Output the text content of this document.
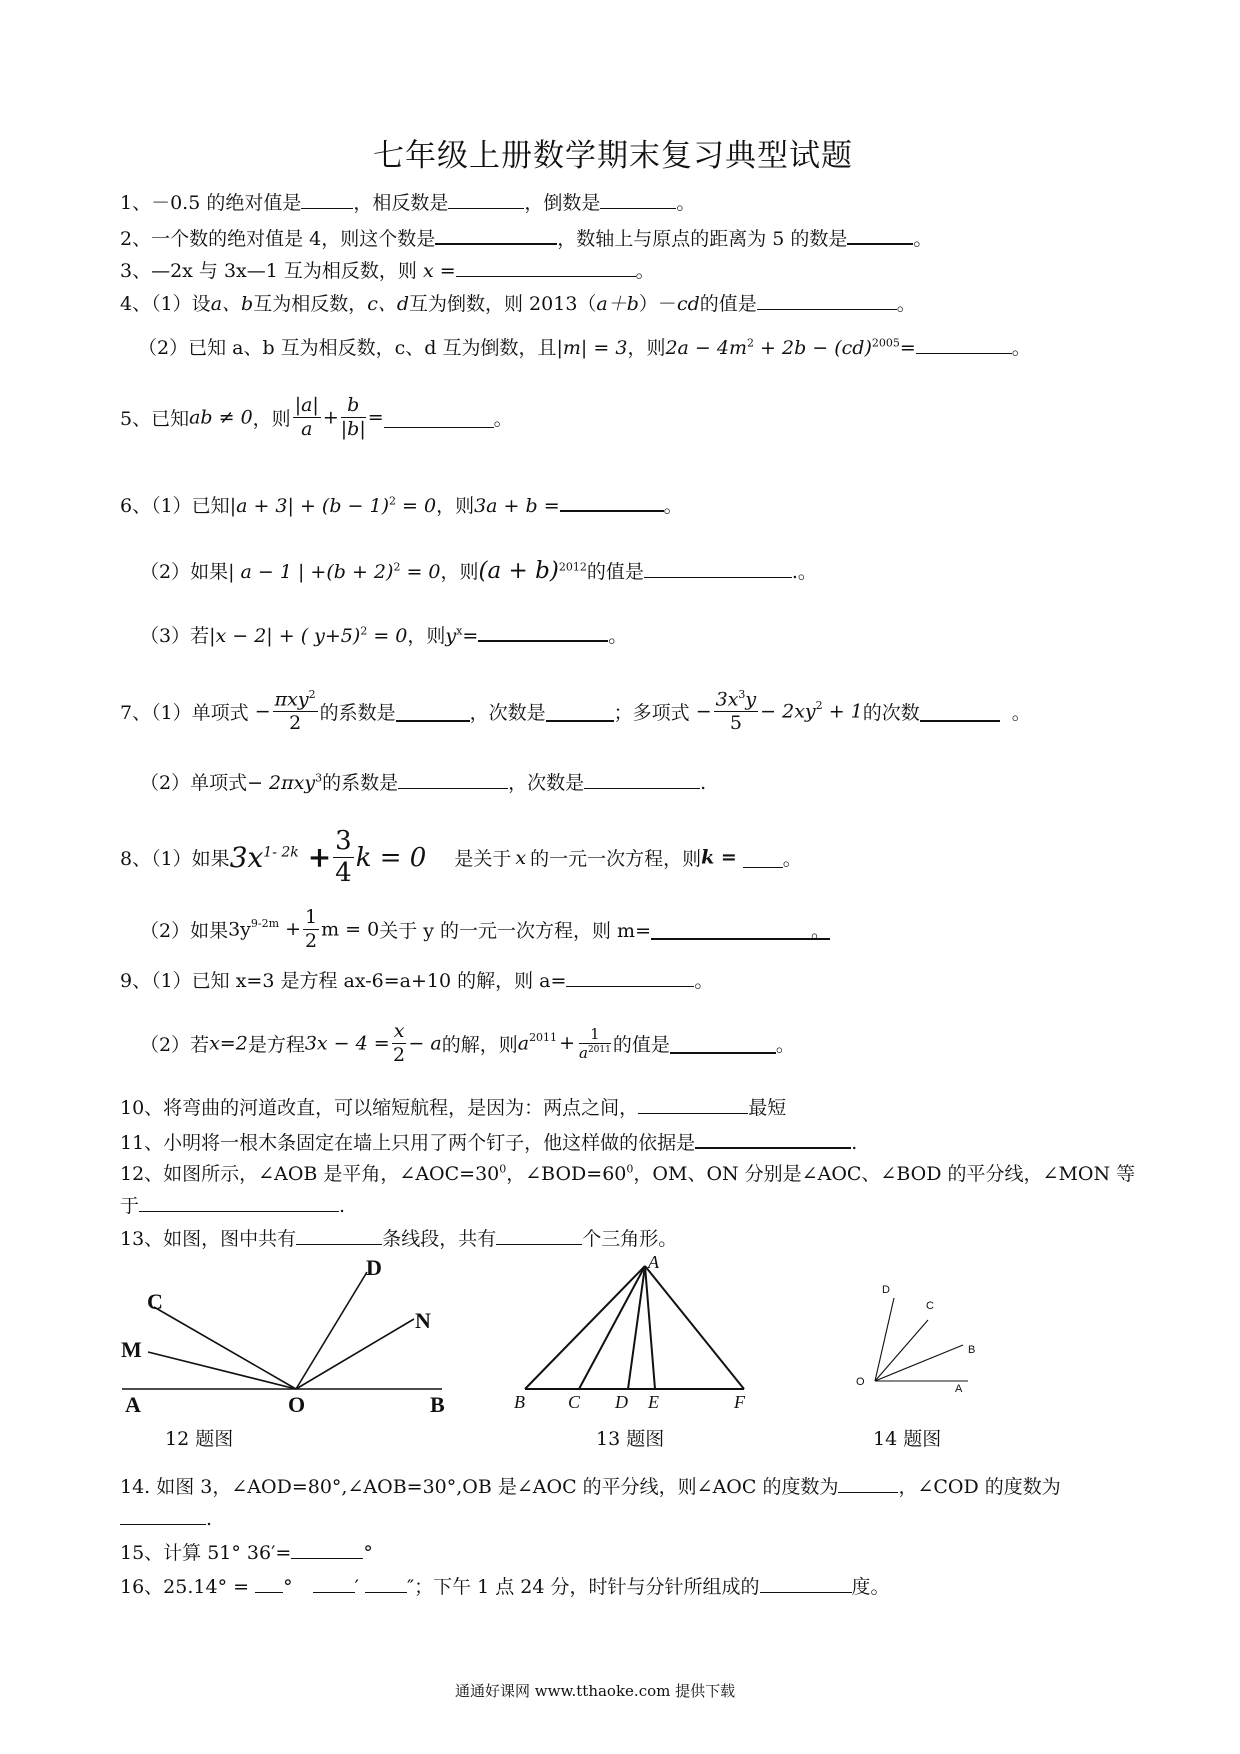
七年级上册数学期末复习典型试题
1、－0.5 的绝对值是	，相反数是	，倒数是	。
2、一个数的绝对值是 4，则这个数是	，数轴上与原点的距离为 5 的数是	。
3、—2x 与 3x—1 互为相反数，则 x =	。
4、（1）设a、b互为相反数，c、d互为倒数，则 2013（a＋b）－cd的值是	。
（2）已知 a、b 互为相反数，c、d 互为倒数，且|m| = 3，则$2a - 4m^2 + 2b - (cd)^{2005}=$	。
5、已知ab ≠ 0，则 $\frac{|a|}{a} + \frac{b}{|b|}$ =	。
6、（1）已知$|a + 3| + (b - 1)^2 = 0$，则3a + b =	。
（2）如果| a − 1 | $+(b + 2)^2 = 0$，则$(a + b)^{2012}$的值是	.。
（3）若|x − 2| + ( y+5)$^2$ = 0，则$y^x=$	。
7、（1）单项式 − $\frac{\pi xy^2}{2}$ 的系数是	，次数是	；多项式 − $\frac{3x^3y}{5} - 2xy^2 + 1$的次数	。
（2）单项式− 2πxy$^3$的系数是	，次数是	.
8、（1）如果$3x^{1- 2k} + \frac{3}{4}$ k = 0 是关于 x 的一元一次方程，则k = 。
（2）如果$3y^{9-2m} + \frac{1}{2}$ m = 0关于 y 的一元一次方程，则 m=	。
9、（1）已知 x=3 是方程 ax-6=a+10 的解，则 a=	。
（2）若x=2是方程$3x - 4 = \frac{x}{2} - a$的解，则$a^{2011} + \frac{1}{a^{2011}}$ 的值是	。
10、将弯曲的河道改直，可以缩短航程，是因为：两点之间，	最短
11、小明将一根木条固定在墙上只用了两个钉子，他这样做的依据是	.
12、如图所示，∠AOB 是平角，$\angle AOC=30^0$，$\angle BOD=60^0$，OM、ON 分别是∠AOC、∠BOD 的平分线，∠MON 等
于	.
13、如图，图中共有	条线段，共有	个三角形。
C
D
M
N
A	O	B
12 题图
A
B C D E	F
13 题图
D
C
B
O
A
14 题图
14. 如图 3，∠AOD=80°,∠AOB=30°,OB 是∠AOC 的平分线，则∠AOC 的度数为	，∠COD 的度数为
.
15、计算 51° 36′=	°
16、25.14° = °	′	″；下午 1 点 24 分，时针与分针所组成的	度。
通通好课网 www.tthaoke.com 提供下载
